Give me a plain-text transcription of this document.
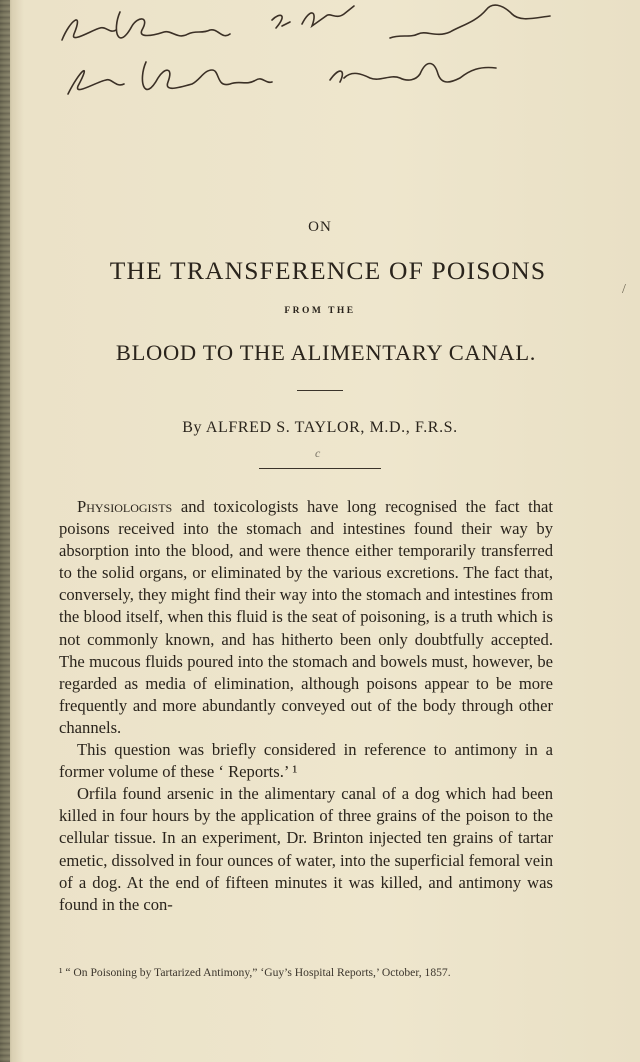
ON
THE TRANSFERENCE OF POISONS
FROM THE
BLOOD TO THE ALIMENTARY CANAL.
By ALFRED S. TAYLOR, M.D., F.R.S.
c
/

Physiologists and toxicologists have long recognised the fact that poisons received into the stomach and intestines found their way by absorption into the blood, and were thence either temporarily transferred to the solid organs, or eliminated by the various excretions. The fact that, conversely, they might find their way into the stomach and intestines from the blood itself, when this fluid is the seat of poisoning, is a truth which is not commonly known, and has hitherto been only doubtfully accepted. The mucous fluids poured into the stomach and bowels must, however, be regarded as media of elimination, although poisons appear to be more frequently and more abundantly conveyed out of the body through other channels.

This question was briefly considered in reference to antimony in a former volume of these ‘ Reports.’ ¹

Orfila found arsenic in the alimentary canal of a dog which had been killed in four hours by the application of three grains of the poison to the cellular tissue. In an experiment, Dr. Brinton injected ten grains of tartar emetic, dissolved in four ounces of water, into the superficial femoral vein of a dog. At the end of fifteen minutes it was killed, and antimony was found in the con-

¹ “ On Poisoning by Tartarized Antimony,” ‘Guy’s Hospital Reports,’ October, 1857.
